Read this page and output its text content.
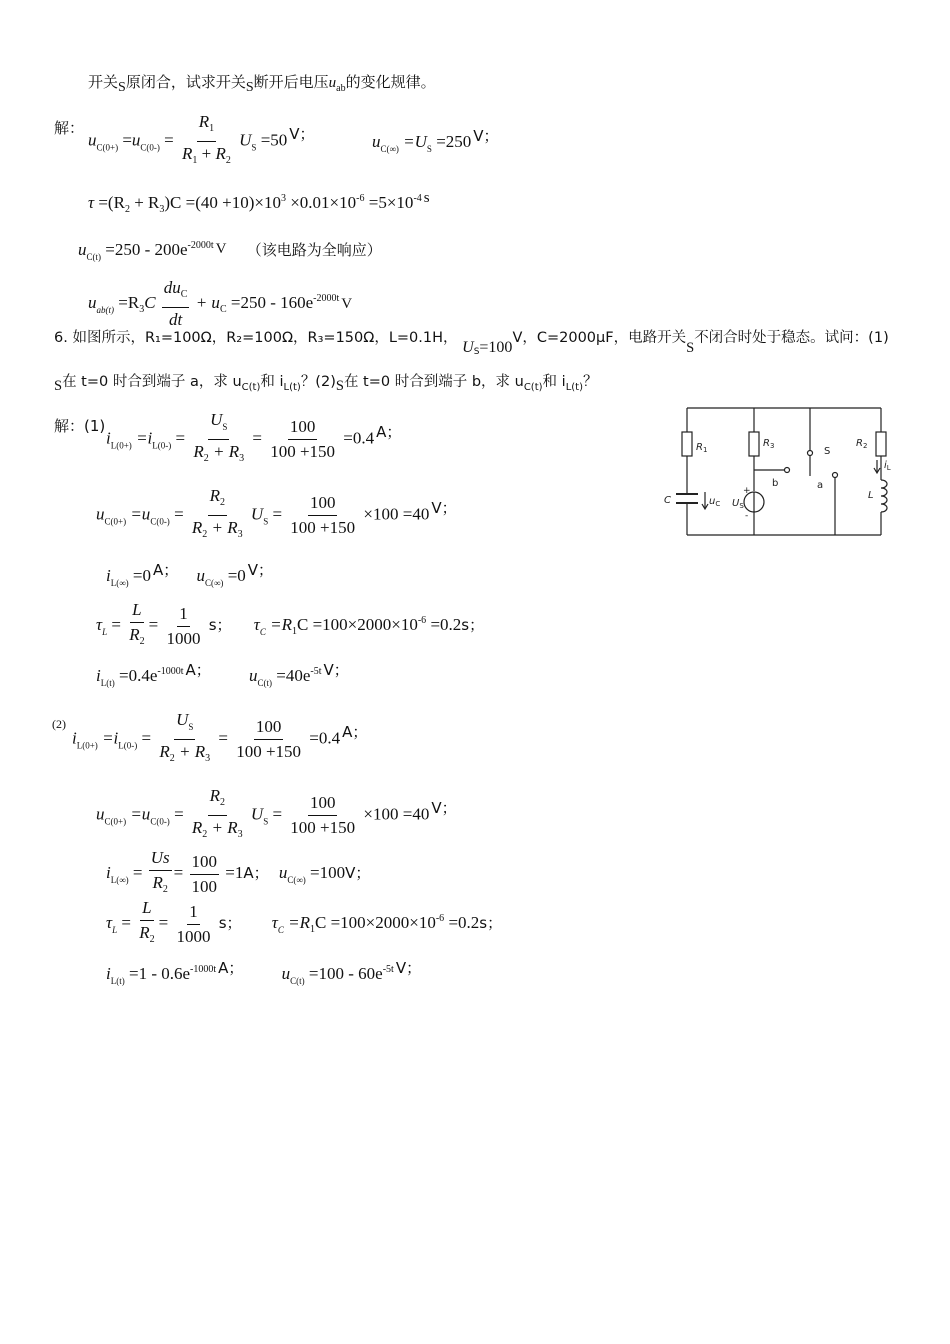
开关S原闭合，试求开关S断开后电压$u_{ab}$的变化规律。
解：
$u_{C(0+)} =u_{C(0-)} = \frac{R_1}{R_1 + R_2} U_S =50$ V；	$u_{C(\infty)} =U_S =250$ V；
$\tau =(R_2 + R_3)C =(40 +10)\times 10^3 \times 0.01\times 10^{-6} =5\times 10^{-4}$ s
$u_{C(t)} =250 - 200e^{-2000t}$ V （该电路为全响应）
$u_{ab(t)} =R_3C \frac{du_C}{dt} + u_C =250 - 160e^{-2000t}$ V
6. 如图所示，R₁=100Ω，R₂=100Ω，R₃=150Ω，L=0.1H， $U_S=100V$，C=2000μF，电路开关S不闭合时处于稳态。试问：(1)
S在 t=0 时合到端子 a，求 $u_{C(t)}$和 $i_{L(t)}$？(2)S在 t=0 时合到端子 b，求 $u_{C(t)}$和 $i_{L(t)}$？
解：(1)
$i_{L(0+)} =i_{L(0-)} = \frac{U_S}{R_2 + R_3} = \frac{100}{100 +150} =0.4$ A；
$u_{C(0+)} =u_{C(0-)} = \frac{R_2}{R_2 + R_3} U_S = \frac{100}{100 +150} \times 100 =40$ V；
$i_{L(\infty)} =0$ A； $u_{C(\infty)} =0$ V；
$\tau_L = \frac{L}{R_2} = \frac{1}{1000}$ s； $\tau_C =R_1C =100\times 2000\times 10^{-6} =0.2s$；
$i_{L(t)} =0.4e^{-1000t}$ A； $u_{C(t)} =40e^{-5t}$ V；
(2)
$i_{L(0+)} =i_{L(0-)} = \frac{U_S}{R_2 + R_3} = \frac{100}{100 +150} =0.4$ A；
$u_{C(0+)} =u_{C(0-)} = \frac{R_2}{R_2 + R_3} U_S = \frac{100}{100 +150} \times 100 =40$ V；
$i_{L(\infty)} = \frac{Us}{R_2} = \frac{100}{100} =1A$； $u_{C(\infty)} =100V$；
$\tau_L = \frac{L}{R_2} = \frac{1}{1000}$ s； $\tau_C =R_1C =100\times 2000\times 10^{-6} =0.2s$；
$i_{L(t)} =1 - 0.6e^{-1000t}$ A； $u_{C(t)} =100 - 60e^{-5t}$ V；
$R_1$
$R_3$	$R_2$
S
b	a
C	$u_C$ $U_S$
+
-
L
$i_L$
